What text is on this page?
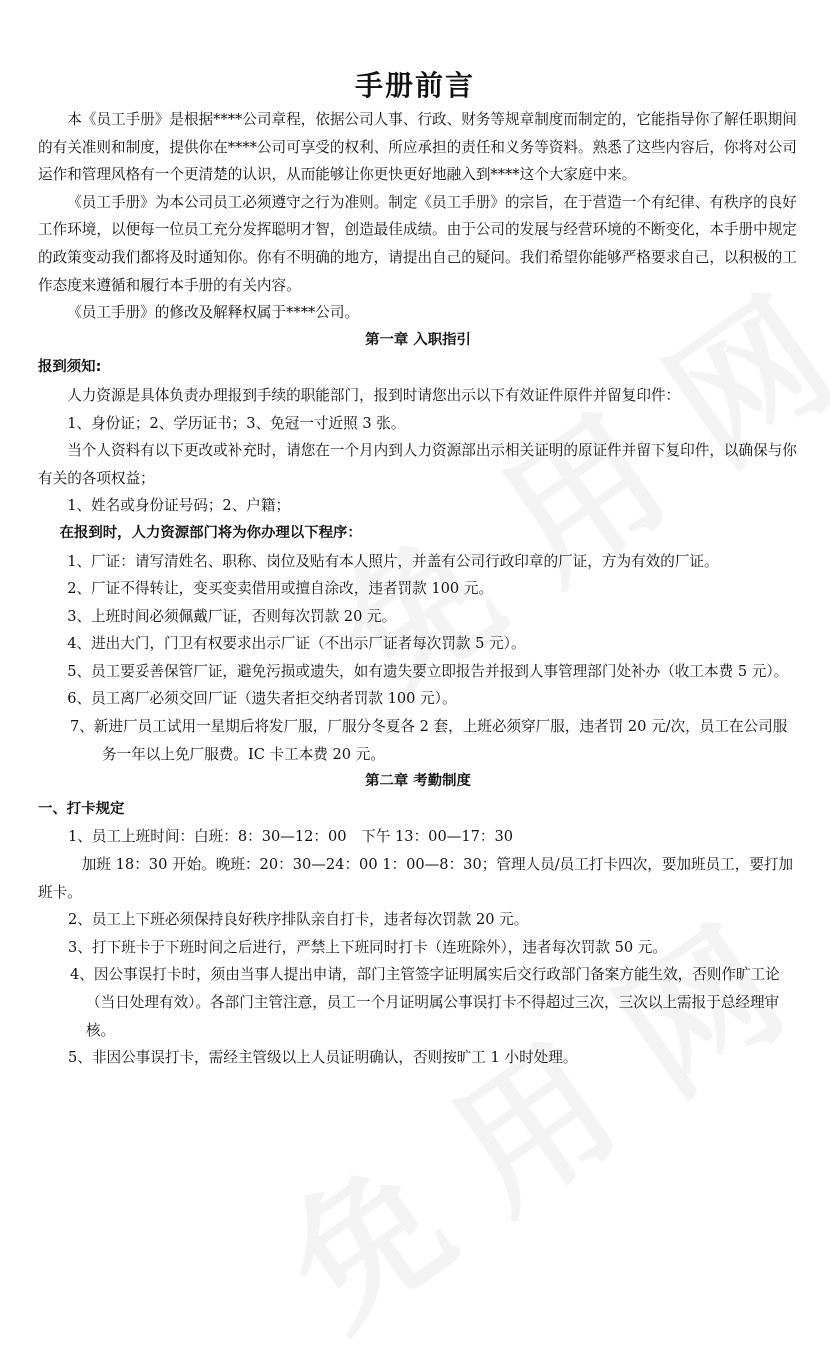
手册前言

本《员工手册》是根据****公司章程，依据公司人事、行政、财务等规章制度而制定的，它能指导你了解任职期间的有关准则和制度，提供你在****公司可享受的权利、所应承担的责任和义务等资料。熟悉了这些内容后，你将对公司运作和管理风格有一个更清楚的认识，从而能够让你更快更好地融入到****这个大家庭中来。

《员工手册》为本公司员工必须遵守之行为准则。制定《员工手册》的宗旨，在于营造一个有纪律、有秩序的良好工作环境，以便每一位员工充分发挥聪明才智，创造最佳成绩。由于公司的发展与经营环境的不断变化，本手册中规定的政策变动我们都将及时通知你。你有不明确的地方，请提出自己的疑问。我们希望你能够严格要求自己，以积极的工作态度来遵循和履行本手册的有关内容。

《员工手册》的修改及解释权属于****公司。

第一章 入职指引

报到须知:

人力资源是具体负责办理报到手续的职能部门，报到时请您出示以下有效证件原件并留复印件：

1、身份证；2、学历证书；3、免冠一寸近照 3 张。

当个人资料有以下更改或补充时，请您在一个月内到人力资源部出示相关证明的原证件并留下复印件，以确保与你有关的各项权益；

1、姓名或身份证号码；2、户籍；

在报到时，人力资源部门将为你办理以下程序：

1、厂证：请写清姓名、职称、岗位及贴有本人照片，并盖有公司行政印章的厂证，方为有效的厂证。

2、厂证不得转让，变买变卖借用或擅自涂改，违者罚款 100 元。

3、上班时间必须佩戴厂证，否则每次罚款 20 元。

4、进出大门，门卫有权要求出示厂证（不出示厂证者每次罚款 5 元）。

5、员工要妥善保管厂证，避免污损或遗失，如有遗失要立即报告并报到人事管理部门处补办（收工本费 5 元）。

6、员工离厂必须交回厂证（遗失者拒交纳者罚款 100 元）。

7、新进厂员工试用一星期后将发厂服，厂服分冬夏各 2 套，上班必须穿厂服，违者罚 20 元/次，员工在公司服务一年以上免厂服费。IC 卡工本费 20 元。

第二章 考勤制度

一、打卡规定

1、员工上班时间：白班：8：30—12：00　下午 13：00—17：30

加班 18：30 开始。晚班：20：30—24：00 1：00—8：30；管理人员/员工打卡四次，要加班员工，要打加班卡。

2、员工上下班必须保持良好秩序排队亲自打卡，违者每次罚款 20 元。

3、打下班卡于下班时间之后进行，严禁上下班同时打卡（连班除外），违者每次罚款 50 元。

4、因公事误打卡时，须由当事人提出申请，部门主管签字证明属实后交行政部门备案方能生效，否则作旷工论（当日处理有效）。各部门主管注意，员工一个月证明属公事误打卡不得超过三次，三次以上需报于总经理审核。

5、非因公事误打卡，需经主管级以上人员证明确认，否则按旷工 1 小时处理。
